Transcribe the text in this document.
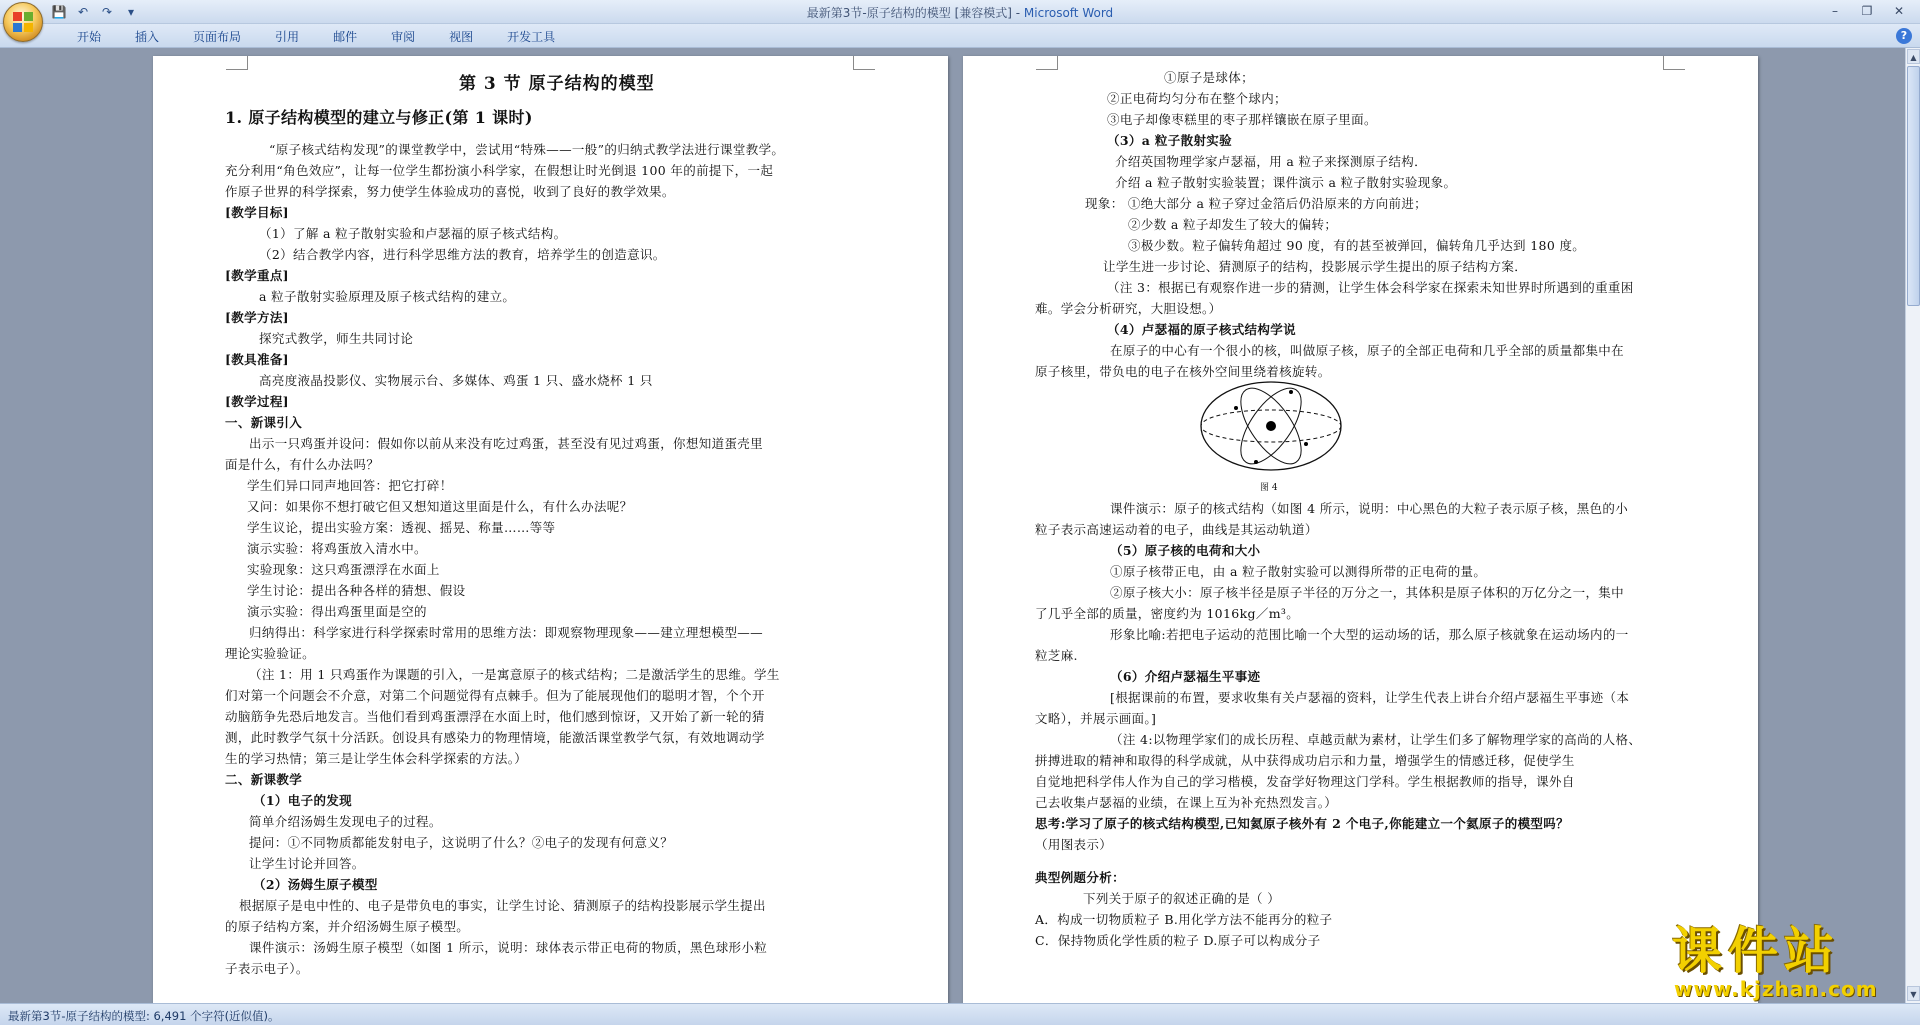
💾 ↶	↷	▾	最新第3节-原子结构的模型 [兼容模式] - Microsoft Word	–	❐	✕
开始	插入	页面布局	引用	邮件	审阅	视图	开发工具	?
第 3 节 原子结构的模型
1. 原子结构模型的建立与修正(第 1 课时)
“原子核式结构发现”的课堂教学中，尝试用“特殊——一般”的归纳式教学法进行课堂教学。
充分利用“角色效应”，让每一位学生都扮演小科学家，在假想让时光倒退 100 年的前提下，一起
作原子世界的科学探索，努力使学生体验成功的喜悦，收到了良好的教学效果。
[教学目标]
（1）了解 a 粒子散射实验和卢瑟福的原子核式结构。
（2）结合教学内容，进行科学思维方法的教育，培养学生的创造意识。
[教学重点]
a 粒子散射实验原理及原子核式结构的建立。
[教学方法]
探究式教学，师生共同讨论
[教具准备]
高亮度液晶投影仪、实物展示台、多媒体、鸡蛋 1 只、盛水烧杯 1 只
[教学过程]
一、新课引入
出示一只鸡蛋并设问：假如你以前从来没有吃过鸡蛋，甚至没有见过鸡蛋，你想知道蛋壳里
面是什么，有什么办法吗？
学生们异口同声地回答：把它打碎！
又问：如果你不想打破它但又想知道这里面是什么，有什么办法呢？
学生议论，提出实验方案：透视、摇晃、称量……等等
演示实验：将鸡蛋放入清水中。
实验现象：这只鸡蛋漂浮在水面上
学生讨论：提出各种各样的猜想、假设
演示实验：得出鸡蛋里面是空的
归纳得出：科学家进行科学探索时常用的思维方法：即观察物理现象——建立理想模型——
理论实验验证。
（注 1：用 1 只鸡蛋作为课题的引入，一是寓意原子的核式结构；二是激活学生的思维。学生
们对第一个问题会不介意，对第二个问题觉得有点棘手。但为了能展现他们的聪明才智，个个开
动脑筋争先恐后地发言。当他们看到鸡蛋漂浮在水面上时，他们感到惊讶，又开始了新一轮的猜
测，此时教学气氛十分活跃。创设具有感染力的物理情境，能激活课堂教学气氛，有效地调动学
生的学习热情；第三是让学生体会科学探索的方法。）
二、新课教学
（1）电子的发现
简单介绍汤姆生发现电子的过程。
提问：①不同物质都能发射电子，这说明了什么？②电子的发现有何意义？
让学生讨论并回答。
（2）汤姆生原子模型
根据原子是电中性的、电子是带负电的事实，让学生讨论、猜测原子的结构投影展示学生提出
的原子结构方案，并介绍汤姆生原子模型。
课件演示：汤姆生原子模型（如图 1 所示，说明：球体表示带正电荷的物质，黑色球形小粒
子表示电子）。
①原子是球体；
②正电荷均匀分布在整个球内；
③电子却像枣糕里的枣子那样镶嵌在原子里面。
（3）a 粒子散射实验
介绍英国物理学家卢瑟福，用 a 粒子来探测原子结构．
介绍 a 粒子散射实验装置；课件演示 a 粒子散射实验现象。
现象： ①绝大部分 a 粒子穿过金箔后仍沿原来的方向前进；
②少数 a 粒子却发生了较大的偏转；
③极少数。粒子偏转角超过 90 度，有的甚至被弹回，偏转角几乎达到 180 度。
让学生进一步讨论、猜测原子的结构，投影展示学生提出的原子结构方案．
（注 3：根据已有观察作进一步的猜测，让学生体会科学家在探索未知世界时所遇到的重重困
难。学会分析研究，大胆设想。）
（4）卢瑟福的原子核式结构学说
在原子的中心有一个很小的核，叫做原子核，原子的全部正电荷和几乎全部的质量都集中在
原子核里，带负电的电子在核外空间里绕着核旋转。
课件演示：原子的核式结构（如图 4 所示，说明：中心黑色的大粒子表示原子核，黑色的小
粒子表示高速运动着的电子，曲线是其运动轨道）
（5）原子核的电荷和大小
①原子核带正电，由 a 粒子散射实验可以测得所带的正电荷的量。
②原子核大小：原子核半径是原子半径的万分之一，其体积是原子体积的万亿分之一，集中
了几乎全部的质量，密度约为 1016kg／m³。
形象比喻:若把电子运动的范围比喻一个大型的运动场的话，那么原子核就象在运动场内的一
粒芝麻.
（6）介绍卢瑟福生平事迹
[根据课前的布置，要求收集有关卢瑟福的资料，让学生代表上讲台介绍卢瑟福生平事迹（本
文略），并展示画面。]
（注 4:以物理学家们的成长历程、卓越贡献为素材，让学生们多了解物理学家的高尚的人格、
拼搏进取的精神和取得的科学成就，从中获得成功启示和力量，增强学生的情感迁移，促使学生
自觉地把科学伟人作为自己的学习楷模，发奋学好物理这门学科。学生根据教师的指导，课外自
己去收集卢瑟福的业绩，在课上互为补充热烈发言。）
思考:学习了原子的核式结构模型,已知氦原子核外有 2 个电子,你能建立一个氦原子的模型吗？
（用图表示）
典型例题分析：
下列关于原子的叙述正确的是（ ）
A．构成一切物质粒子 B.用化学方法不能再分的粒子
C．保持物质化学性质的粒子 D.原子可以构成分子
图 4
▲
▼
最新第3节-原子结构的模型: 6,491 个字符(近似值)。
课件站
www.kjzhan.com
